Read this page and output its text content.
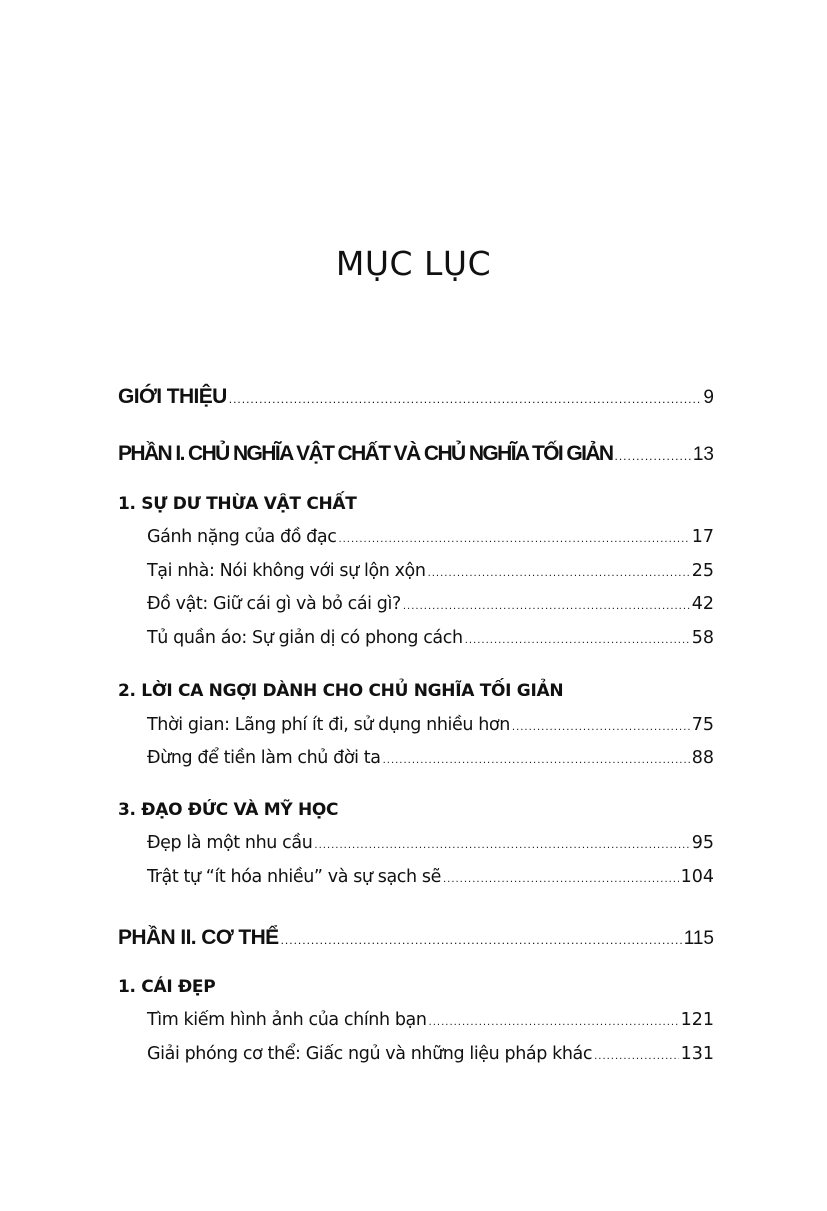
MỤC LỤC
GIỚI THIỆU .....	9
PHẦN I. CHỦ NGHĨA VẬT CHẤT VÀ CHỦ NGHĨA TỐI GIẢN .....	13
1. SỰ DƯ THỪA VẬT CHẤT
Gánh nặng của đồ đạc .....	17
Tại nhà: Nói không với sự lộn xộn .....	25
Đồ vật: Giữ cái gì và bỏ cái gì? .....	42
Tủ quần áo: Sự giản dị có phong cách .....	58
2. LỜI CA NGỢI DÀNH CHO CHỦ NGHĨA TỐI GIẢN
Thời gian: Lãng phí ít đi, sử dụng nhiều hơn .....	75
Đừng để tiền làm chủ đời ta .....	88
3. ĐẠO ĐỨC VÀ MỸ HỌC
Đẹp là một nhu cầu .....	95
Trật tự “ít hóa nhiều” và sự sạch sẽ .....	104
PHẦN II. CƠ THỂ .....	115
1. CÁI ĐẸP
Tìm kiếm hình ảnh của chính bạn .....	121
Giải phóng cơ thể: Giấc ngủ và những liệu pháp khác .....	131
